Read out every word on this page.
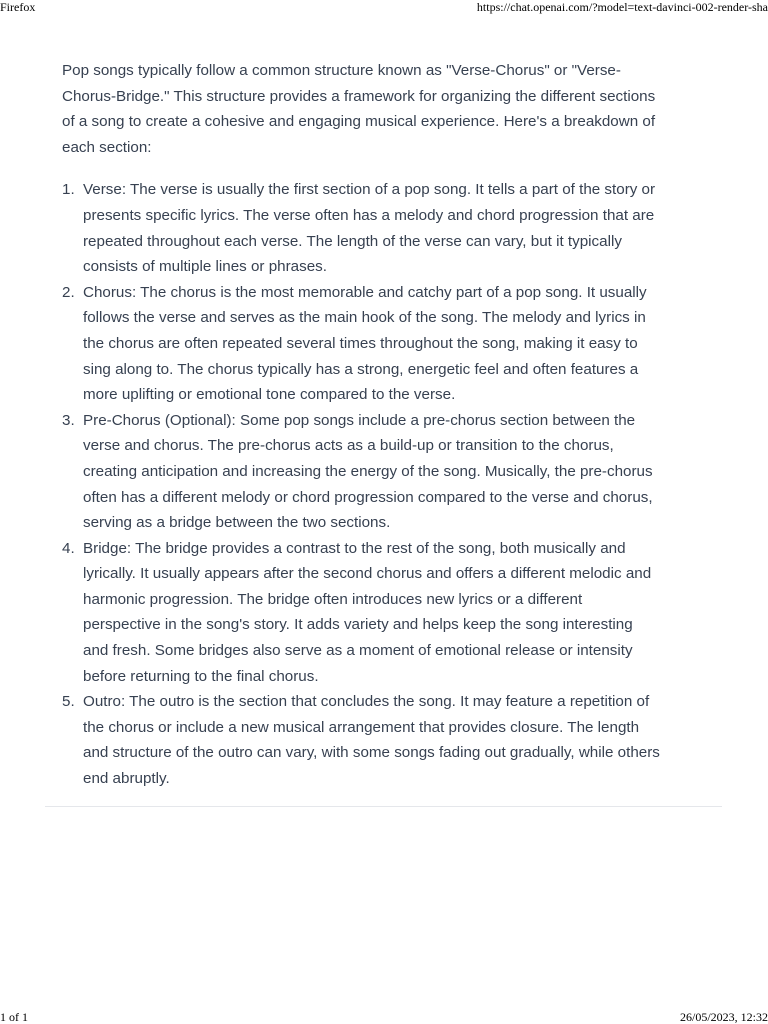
Firefox	https://chat.openai.com/?model=text-davinci-002-render-sha

Pop songs typically follow a common structure known as "Verse-Chorus" or "Verse-Chorus-Bridge." This structure provides a framework for organizing the different sections of a song to create a cohesive and engaging musical experience. Here's a breakdown of each section:

1. Verse: The verse is usually the first section of a pop song. It tells a part of the story or presents specific lyrics. The verse often has a melody and chord progression that are repeated throughout each verse. The length of the verse can vary, but it typically consists of multiple lines or phrases.
2. Chorus: The chorus is the most memorable and catchy part of a pop song. It usually follows the verse and serves as the main hook of the song. The melody and lyrics in the chorus are often repeated several times throughout the song, making it easy to sing along to. The chorus typically has a strong, energetic feel and often features a more uplifting or emotional tone compared to the verse.
3. Pre-Chorus (Optional): Some pop songs include a pre-chorus section between the verse and chorus. The pre-chorus acts as a build-up or transition to the chorus, creating anticipation and increasing the energy of the song. Musically, the pre-chorus often has a different melody or chord progression compared to the verse and chorus, serving as a bridge between the two sections.
4. Bridge: The bridge provides a contrast to the rest of the song, both musically and lyrically. It usually appears after the second chorus and offers a different melodic and harmonic progression. The bridge often introduces new lyrics or a different perspective in the song's story. It adds variety and helps keep the song interesting and fresh. Some bridges also serve as a moment of emotional release or intensity before returning to the final chorus.
5. Outro: The outro is the section that concludes the song. It may feature a repetition of the chorus or include a new musical arrangement that provides closure. The length and structure of the outro can vary, with some songs fading out gradually, while others end abruptly.
1 of 1	26/05/2023, 12:32
